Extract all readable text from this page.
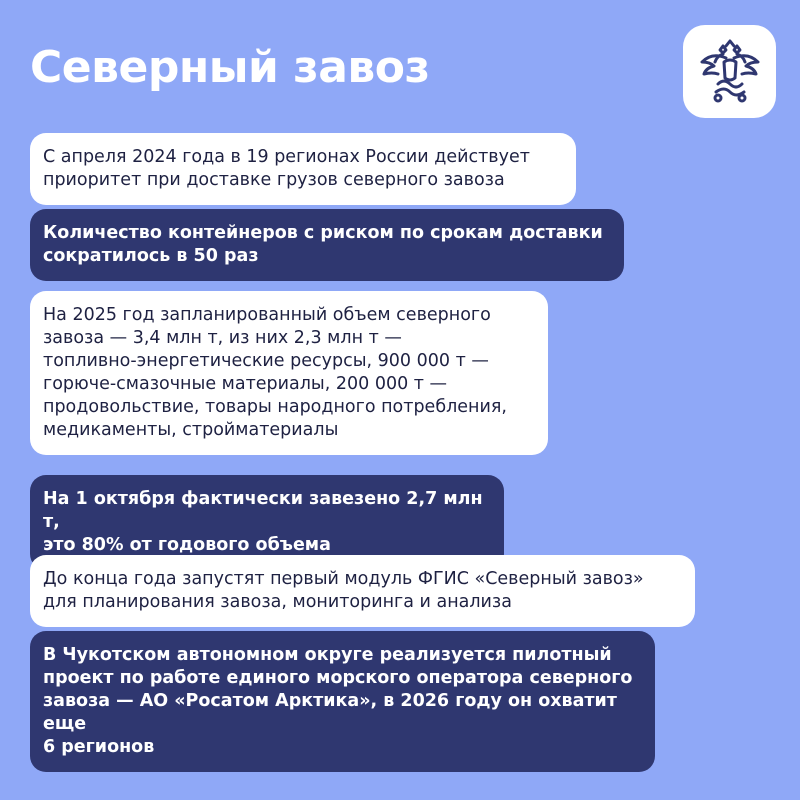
Северный завоз
С апреля 2024 года в 19 регионах России действует
приоритет при доставке грузов северного завоза
Количество контейнеров с риском по срокам доставки
сократилось в 50 раз
На 2025 год запланированный объем северного
завоза — 3,4 млн т, из них 2,3 млн т —
топливно-энергетические ресурсы, 900 000 т —
горюче-смазочные материалы, 200 000 т —
продовольствие, товары народного потребления,
медикаменты, стройматериалы
На 1 октября фактически завезено 2,7 млн т,
это 80% от годового объема
До конца года запустят первый модуль ФГИС «Северный завоз»
для планирования завоза, мониторинга и анализа
В Чукотском автономном округе реализуется пилотный
проект по работе единого морского оператора северного
завоза — АО «Росатом Арктика», в 2026 году он охватит еще
6 регионов
